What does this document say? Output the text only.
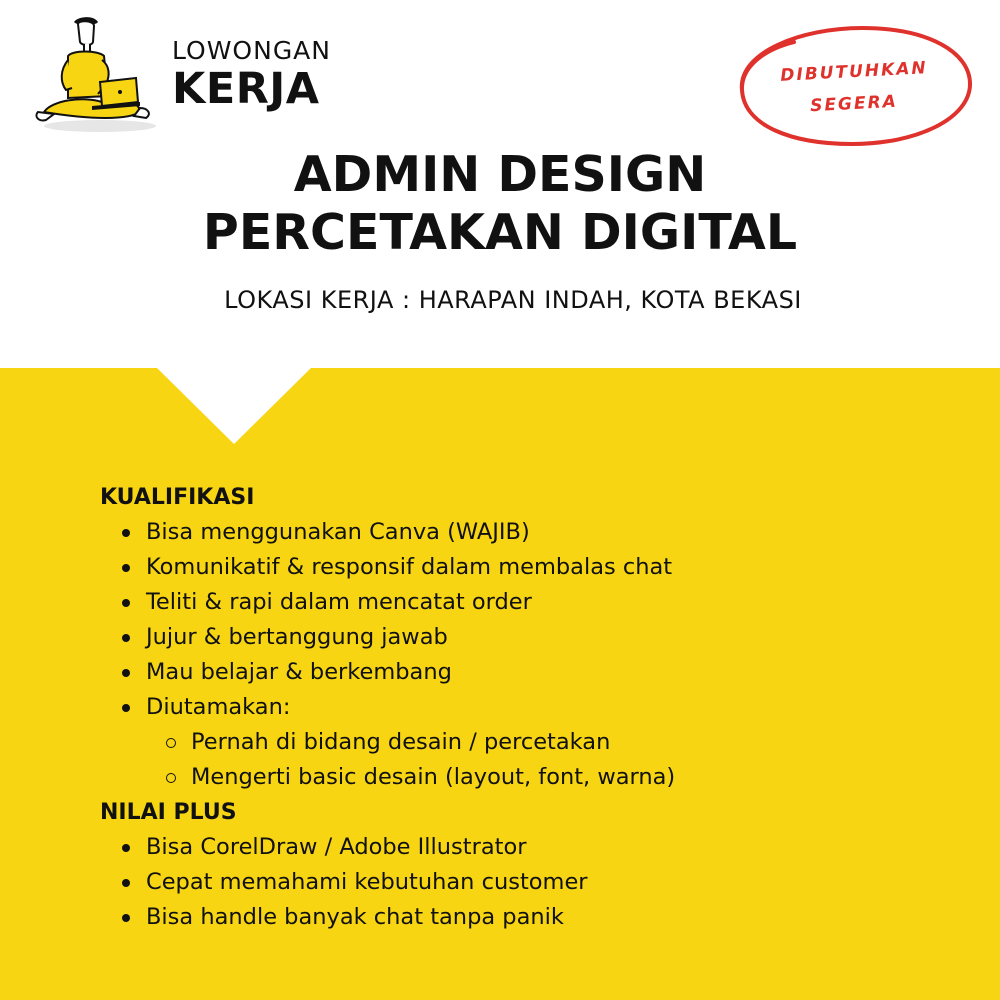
LOWONGAN
KERJA	DIBUTUHKAN
SEGERA
ADMIN DESIGN
PERCETAKAN DIGITAL
LOKASI KERJA : HARAPAN INDAH, KOTA BEKASI
KUALIFIKASI
Bisa menggunakan Canva (WAJIB)
Komunikatif & responsif dalam membalas chat
Teliti & rapi dalam mencatat order
Jujur & bertanggung jawab
Mau belajar & berkembang
Diutamakan:
Pernah di bidang desain / percetakan
Mengerti basic desain (layout, font, warna)
NILAI PLUS
Bisa CorelDraw / Adobe Illustrator
Cepat memahami kebutuhan customer
Bisa handle banyak chat tanpa panik
